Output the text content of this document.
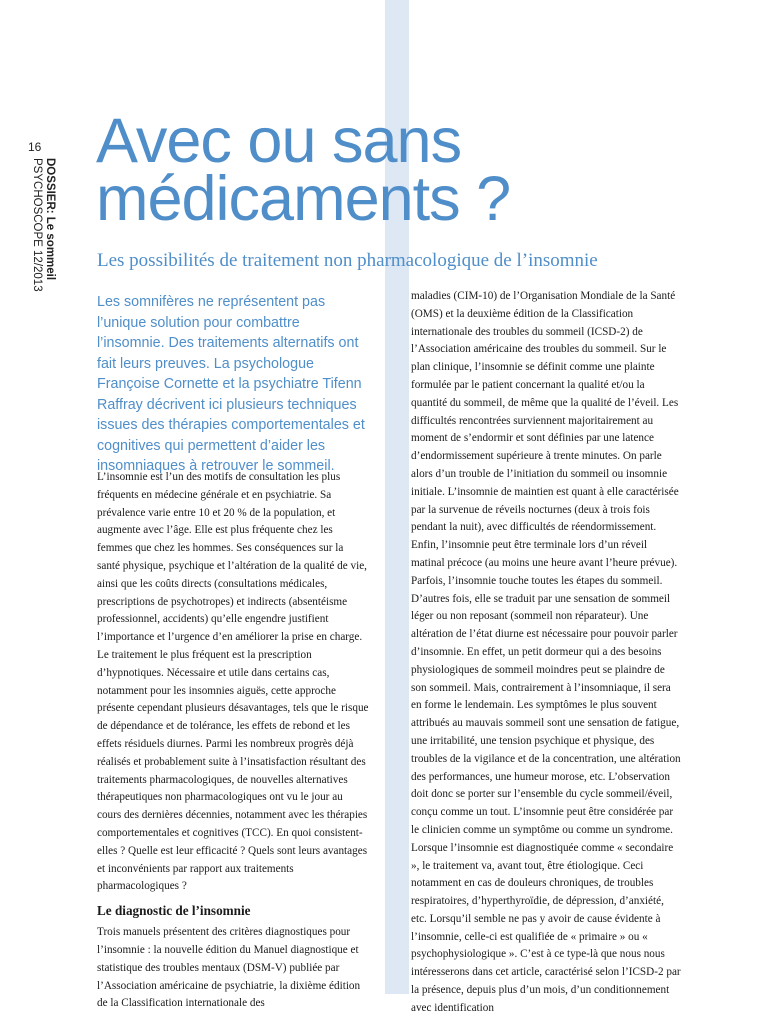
16
DOSSIER: Le sommeil
PSYCHOSCOPE 12/2013
Avec ou sans
médicaments ?

Les possibilités de traitement non pharmacologique de l’insomnie

Les somnifères ne représentent pas l’unique solution pour combattre l’insomnie. Des traitements alternatifs ont fait leurs preuves. La psychologue Françoise Cornette et la psychiatre Tifenn Raffray décrivent ici plusieurs techniques issues des thérapies comportementales et cognitives qui permettent d’aider les insomniaques à retrouver le sommeil.

L’insomnie est l’un des motifs de consultation les plus fréquents en médecine générale et en psychiatrie. Sa prévalence varie entre 10 et 20 % de la population, et augmente avec l’âge. Elle est plus fréquente chez les femmes que chez les hommes. Ses conséquences sur la santé physique, psychique et l’altération de la qualité de vie, ainsi que les coûts directs (consultations médicales, prescriptions de psychotropes) et indirects (absentéisme professionnel, accidents) qu’elle engendre justifient l’importance et l’urgence d’en améliorer la prise en charge. Le traitement le plus fréquent est la prescription d’hypnotiques. Nécessaire et utile dans certains cas, notamment pour les insomnies aiguës, cette approche présente cependant plusieurs désavantages, tels que le risque de dépendance et de tolérance, les effets de rebond et les effets résiduels diurnes. Parmi les nombreux progrès déjà réalisés et probablement suite à l’insatisfaction résultant des traitements pharmacologiques, de nouvelles alternatives thérapeutiques non pharmacologiques ont vu le jour au cours des dernières décennies, notamment avec les thérapies comportementales et cognitives (TCC). En quoi consistent-elles ? Quelle est leur efficacité ? Quels sont leurs avantages et inconvénients par rapport aux traitements pharmacologiques ?

Le diagnostic de l’insomnie

Trois manuels présentent des critères diagnostiques pour l’insomnie : la nouvelle édition du Manuel diagnostique et statistique des troubles mentaux (DSM-V) publiée par l’Association américaine de psychiatrie, la dixième édition de la Classification internationale des

maladies (CIM-10) de l’Organisation Mondiale de la Santé (OMS) et la deuxième édition de la Classification internationale des troubles du sommeil (ICSD-2) de l’Association américaine des troubles du sommeil. Sur le plan clinique, l’insomnie se définit comme une plainte formulée par le patient concernant la qualité et/ou la quantité du sommeil, de même que la qualité de l’éveil. Les difficultés rencontrées surviennent majoritairement au moment de s’endormir et sont définies par une latence d’endormissement supérieure à trente minutes. On parle alors d’un trouble de l’initiation du sommeil ou insomnie initiale. L’insomnie de maintien est quant à elle caractérisée par la survenue de réveils nocturnes (deux à trois fois pendant la nuit), avec difficultés de réendormissement. Enfin, l’insomnie peut être terminale lors d’un réveil matinal précoce (au moins une heure avant l’heure prévue). Parfois, l’insomnie touche toutes les étapes du sommeil. D’autres fois, elle se traduit par une sensation de sommeil léger ou non reposant (sommeil non réparateur). Une altération de l’état diurne est nécessaire pour pouvoir parler d’insomnie. En effet, un petit dormeur qui a des besoins physiologiques de sommeil moindres peut se plaindre de son sommeil. Mais, contrairement à l’insomniaque, il sera en forme le lendemain. Les symptômes le plus souvent attribués au mauvais sommeil sont une sensation de fatigue, une irritabilité, une tension psychique et physique, des troubles de la vigilance et de la concentration, une altération des performances, une humeur morose, etc. L’observation doit donc se porter sur l’ensemble du cycle sommeil/éveil, conçu comme un tout. L’insomnie peut être considérée par le clinicien comme un symptôme ou comme un syndrome. Lorsque l’insomnie est diagnostiquée comme « secondaire », le traitement va, avant tout, être étiologique. Ceci notamment en cas de douleurs chroniques, de troubles respiratoires, d’hyperthyroïdie, de dépression, d’anxiété, etc. Lorsqu’il semble ne pas y avoir de cause évidente à l’insomnie, celle-ci est qualifiée de « primaire » ou « psychophysiologique ». C’est à ce type-là que nous nous intéresserons dans cet article, caractérisé selon l’ICSD-2 par la présence, depuis plus d’un mois, d’un conditionnement avec identification
